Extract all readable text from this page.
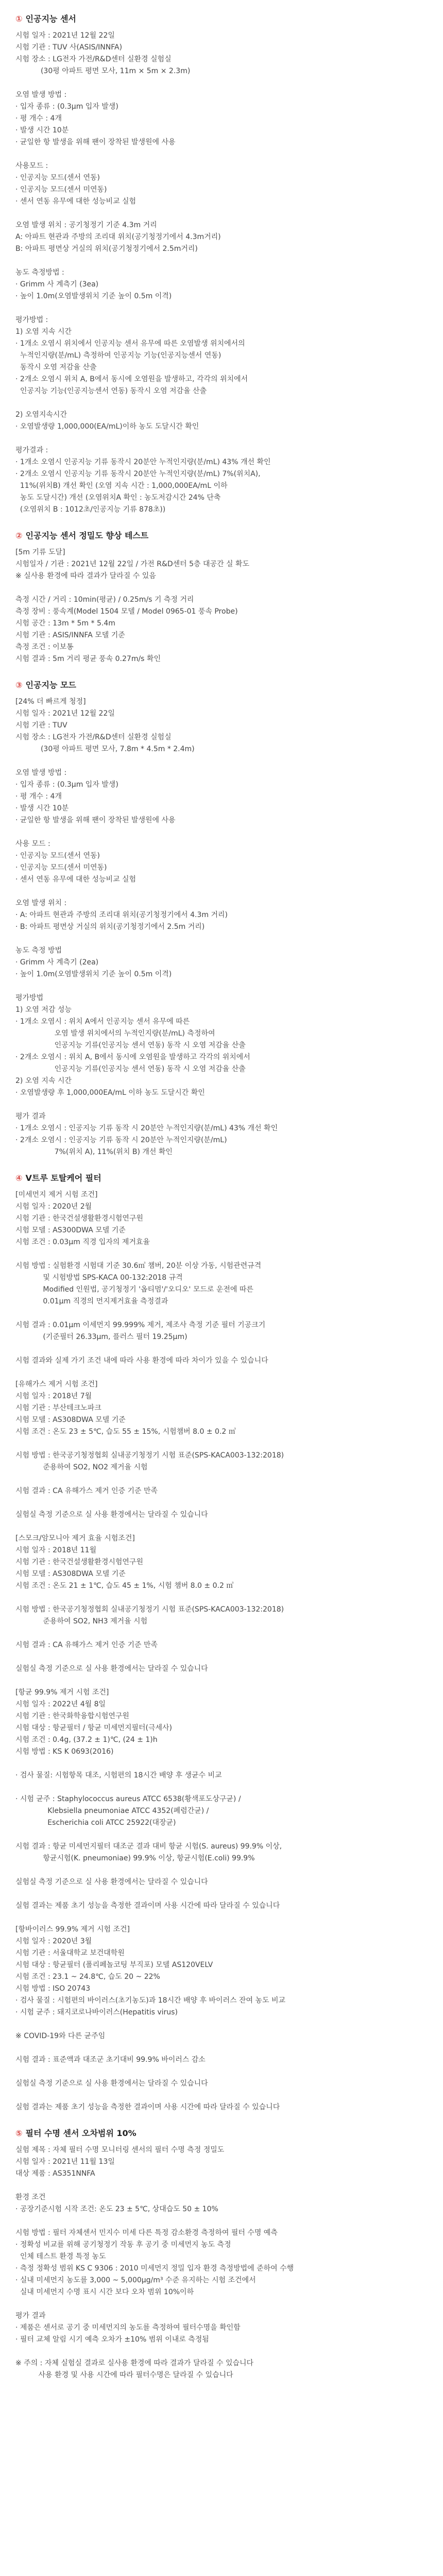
① 인공지능 센서
시험 일자 : 2021년 12월 22일
시험 기관 : TUV 사(ASIS/INNFA)
시험 장소 : LG전자 가전/R&D센터 실환경 실험실
(30평 아파트 평면 모사, 11m × 5m × 2.3m)
오염 발생 방법 :
· 입자 종류 : (0.3μm 입자 발생)
· 평 개수 : 4개
· 발생 시간 10분
· 균일한 항 발생을 위해 팬이 장착된 발생원에 사용
사용모드 :
· 인공지능 모드(센서 연동)
· 인공지능 모드(센서 미연동)
· 센서 연동 유무에 대한 성능비교 실험
오염 발생 위치 : 공기청정기 기준 4.3m 거리
A: 아파트 현관과 주방의 조리대 위치(공기청정기에서 4.3m거리)
B: 아파트 평면상 거실의 위치(공기청정기에서 2.5m거리)
농도 측정방법 :
· Grimm 사 계측기 (3ea)
· 높이 1.0m(오염발생위치 기준 높이 0.5m 이격)
평가방법 :
1) 오염 지속 시간
· 1개소 오염시 위치에서 인공지능 센서 유무에 따른 오염발생 위치에서의
누적인지량(분/mL) 측정하여 인공지능 기능(인공지능센서 연동)
동작시 오염 저감율 산출
· 2개소 오염시 위치 A, B에서 동시에 오염원을 발생하고, 각각의 위치에서
인공지능 기능(인공지능센서 연동) 동작시 오염 저감율 산출
2) 오염지속시간
· 오염발생량 1,000,000(EA/mL)이하 농도 도달시간 확인
평가결과 :
· 1개소 오염시 인공지능 기류 동작시 20분안 누적인지량(분/mL) 43% 개선 확인
· 2개소 오염시 인공지능 기류 동작시 20분안 누적인지량(분/mL) 7%(위치A),
11%(위치B) 개선 확인 (오염 지속 시간 : 1,000,000EA/mL 이하
농도 도달시간) 개선 (오염위치A 확인 : 농도저감시간 24% 단축
(오염위치 B : 1012초/인공지능 기류 878초))
② 인공지능 센서 정밀도 향상 테스트
[5m 기류 도달]
시험일자 / 기관 : 2021년 12월 22일 / 가전 R&D센터 5층 대공간 실 확도
※ 실사용 환경에 따라 결과가 달라질 수 있음
측정 시간 / 거리 : 10min(평균) / 0.25m/s 기 측정 거리
측정 장비 : 풍속계(Model 1504 모델 / Model 0965-01 풍속 Probe)
시험 공간 : 13m * 5m * 5.4m
시험 기관 : ASIS/INNFA 모델 기준
측정 조건 : 이보통
시험 결과 : 5m 거리 평균 풍속 0.27m/s 확인
③ 인공지능 모드
[24% 더 빠르게 청정]
시험 일자 : 2021년 12월 22일
시험 기관 : TUV
시험 장소 : LG전자 가전/R&D센터 실환경 실험실
(30평 아파트 평면 모사, 7.8m * 4.5m * 2.4m)
오염 발생 방법 :
· 입자 종류 : (0.3μm 입자 발생)
· 평 개수 : 4개
· 발생 시간 10분
· 균일한 항 발생을 위해 팬이 장착된 발생원에 사용
사용 모드 :
· 인공지능 모드(센서 연동)
· 인공지능 모드(센서 미연동)
· 센서 연동 유무에 대한 성능비교 실험
오염 발생 위치 :
· A: 아파트 현관과 주방의 조리대 위치(공기청정기에서 4.3m 거리)
· B: 아파트 평면상 거실의 위치(공기청정기에서 2.5m 거리)
농도 측정 방법
· Grimm 사 계측기 (2ea)
· 높이 1.0m(오염발생위치 기준 높이 0.5m 이격)
평가방법
1) 오염 저감 성능
· 1개소 오염시 : 위치 A에서 인공지능 센서 유무에 따른
오염 발생 위치에서의 누적인지량(분/mL) 측정하여
인공지능 기류(인공지능 센서 연동) 동작 시 오염 저감율 산출
· 2개소 오염시 : 위치 A, B에서 동시에 오염원을 발생하고 각각의 위치에서
인공지능 기류(인공지능 센서 연동) 동작 시 오염 저감율 산출
2) 오염 지속 시간
· 오염발생량 후 1,000,000EA/mL 이하 농도 도달시간 확인
평가 결과
· 1개소 오염시 : 인공지능 기류 동작 시 20분안 누적인지량(분/mL) 43% 개선 확인
· 2개소 오염시 : 인공지능 기류 동작 시 20분안 누적인지량(분/mL)
7%(위치 A), 11%(위치 B) 개선 확인
④ V트루 토탈케어 필터
[미세먼지 제거 시험 조건]
시험 일자 : 2020년 2월
시험 기관 : 한국건설생활환경시험연구원
시험 모델 : AS300DWA 모델 기준
시험 조건 : 0.03μm 직경 입자의 제거효율
시험 방법 : 실험환경 시험대 기준 30.6㎥ 챔버, 20분 이상 가동, 시험관련규격
및 시험방법 SPS-KACA 00-132:2018 규격
Modified 인원법, 공기청정기 '옵티멈'/'오디오' 모드로 운전에 따른
0.01μm 직경의 먼지제거효율 측정결과
시험 결과 : 0.01μm 이세먼지 99.999% 제거, 제조사 측정 기준 필터 기공크기
(기준필터 26.33μm, 플러스 필터 19.25μm)
시험 결과와 실제 가기 조건 내에 따라 사용 환경에 따라 차이가 있을 수 있습니다
[유해가스 제거 시험 조건]
시험 일자 : 2018년 7월
시험 기관 : 부산테크노파크
시험 모델 : AS308DWA 모델 기준
시험 조건 : 온도 23 ± 5℃, 습도 55 ± 15%, 시험챔버 8.0 ± 0.2 ㎥
시험 방법 : 한국공기청정협회 실내공기청정기 시험 표준(SPS-KACA003-132:2018)
준용하여 SO2, NO2 제거율 시험
시험 결과 : CA 유해가스 제거 인증 기준 만족
실험실 측정 기준으로 실 사용 환경에서는 달라질 수 있습니다
[스모크/암모니아 제거 효율 시험조건]
시험 일자 : 2018년 11월
시험 기관 : 한국건설생활환경시험연구원
시험 모델 : AS308DWA 모델 기준
시험 조건 : 온도 21 ± 1℃, 습도 45 ± 1%, 시험 챔버 8.0 ± 0.2 ㎥
시험 방법 : 한국공기청정협회 실내공기청정기 시험 표준(SPS-KACA003-132:2018)
준용하여 SO2, NH3 제거율 시험
시험 결과 : CA 유해가스 제거 인증 기준 만족
실험실 측정 기준으로 실 사용 환경에서는 달라질 수 있습니다
[항균 99.9% 제거 시험 조건]
시험 일자 : 2022년 4월 8일
시험 기관 : 한국화학융합시험연구원
시험 대상 : 항균필터 / 항균 미세먼지필터(극세사)
시험 조건 : 0.4g, (37.2 ± 1)℃, (24 ± 1)h
시험 방법 : KS K 0693(2016)
· 검사 물질: 시험항목 대조, 시험편의 18시간 배양 후 생균수 비교
· 시험 균주 : Staphylococcus aureus ATCC 6538(황색포도상구균) /
Klebsiella pneumoniae ATCC 4352(폐렴간균) /
Escherichia coli ATCC 25922(대장균)
시험 결과 : 항균 미세먼지필터 대조군 결과 대비 항균 시험(S. aureus) 99.9% 이상,
항균시험(K. pneumoniae) 99.9% 이상, 항균시험(E.coli) 99.9%
실험실 측정 기준으로 실 사용 환경에서는 달라질 수 있습니다
실험 결과는 제품 초기 성능을 측정한 결과이며 사용 시간에 따라 달라질 수 있습니다
[항바이러스 99.9% 제거 시험 조건]
시험 일자 : 2020년 3월
시험 기관 : 서울대학교 보건대학원
시험 대상 : 항균필터 (폴리페놀코팅 부직포) 모델 AS120VELV
시험 조건 : 23.1 ~ 24.8℃, 습도 20 ~ 22%
시험 방법 : ISO 20743
· 검사 물질 : 시험편의 바이러스(초기농도)과 18시간 배양 후 바이러스 잔여 농도 비교
· 시험 균주 : 돼지코로나바이러스(Hepatitis virus)
※ COVID-19와 다른 균주임
시험 결과 : 표준액과 대조군 초기대비 99.9% 바이러스 감소
실험실 측정 기준으로 실 사용 환경에서는 달라질 수 있습니다
실험 결과는 제품 초기 성능을 측정한 결과이며 사용 시간에 따라 달라질 수 있습니다
⑤ 필터 수명 센서 오차범위 10%
실험 제목 : 자체 필터 수명 모니터링 센서의 필터 수명 측정 정밀도
시험 일자 : 2021년 11월 13일
대상 제품 : AS351NNFA
환경 조건
· 공장기준시험 시작 조건: 온도 23 ± 5℃, 상대습도 50 ± 10%
시험 방법 : 필터 자체센서 민지수 미세 다른 특정 감소환경 측정하여 필터 수명 예측
· 정확성 비교를 위해 공기청정기 작동 후 공기 중 미세먼지 농도 측정
인체 테스트 환경 특정 농도
· 측정 정확성 범위 KS C 9306 : 2010 미세먼지 정밀 입자 환경 측정방법에 준하여 수행
· 실내 미세먼지 농도를 3,000 ~ 5,000μg/m³ 수준 유지하는 시험 조건에서
실내 미세먼지 수명 표시 시간 보다 오차 범위 10%이하
평가 결과
· 제품은 센서로 공기 중 미세먼지의 농도를 측정하여 필터수명을 확인함
· 필터 교체 알림 시기 예측 오차가 ±10% 범위 이내로 측정됨
※ 주의 : 자체 실험실 결과로 실사용 환경에 따라 결과가 달라질 수 있습니다
사용 환경 및 사용 시간에 따라 필터수명은 달라질 수 있습니다
